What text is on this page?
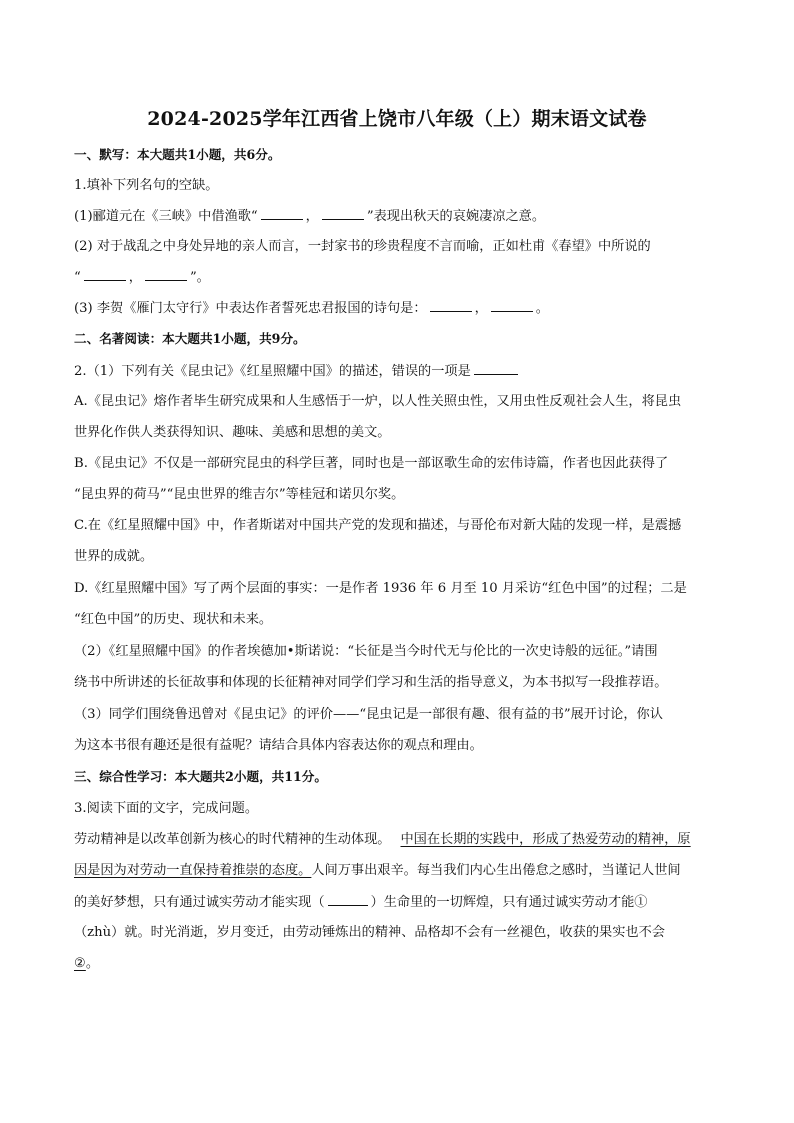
2024-2025学年江西省上饶市八年级（上）期末语文试卷
一、默写：本大题共1小题，共6分。
1.填补下列名句的空缺。
(1)郦道元在《三峡》中借渔歌“	，	”表现出秋天的哀婉凄凉之意。
(2) 对于战乱之中身处异地的亲人而言，一封家书的珍贵程度不言而喻，正如杜甫《春望》中所说的
“	，	”。
(3) 李贺《雁门太守行》中表达作者誓死忠君报国的诗句是：	，	。
二、名著阅读：本大题共1小题，共9分。
2.（1）下列有关《昆虫记》《红星照耀中国》的描述，错误的一项是
A.《昆虫记》熔作者毕生研究成果和人生感悟于一炉，以人性关照虫性，又用虫性反观社会人生，将昆虫
世界化作供人类获得知识、趣味、美感和思想的美文。
B.《昆虫记》不仅是一部研究昆虫的科学巨著，同时也是一部讴歌生命的宏伟诗篇，作者也因此获得了
“昆虫界的荷马”“昆虫世界的维吉尔”等桂冠和诺贝尔奖。
C.在《红星照耀中国》中，作者斯诺对中国共产党的发现和描述，与哥伦布对新大陆的发现一样，是震撼
世界的成就。
D.《红星照耀中国》写了两个层面的事实：一是作者 1936 年 6 月至 10 月采访“红色中国”的过程；二是
“红色中国”的历史、现状和未来。
（2）《红星照耀中国》的作者埃德加•斯诺说：“长征是当今时代无与伦比的一次史诗般的远征。”请围
绕书中所讲述的长征故事和体现的长征精神对同学们学习和生活的指导意义，为本书拟写一段推荐语。
（3）同学们围绕鲁迅曾对《昆虫记》的评价——“昆虫记是一部很有趣、很有益的书”展开讨论，你认
为这本书很有趣还是很有益呢？请结合具体内容表达你的观点和理由。
三、综合性学习：本大题共2小题，共11分。
3.阅读下面的文字，完成问题。
劳动精神是以改革创新为核心的时代精神的生动体现。 中国在长期的实践中，形成了热爱劳动的精神，原
因是因为对劳动一直保持着推崇的态度。人间万事出艰辛。每当我们内心生出倦怠之感时，当谨记人世间
的美好梦想，只有通过诚实劳动才能实现（	）生命里的一切辉煌，只有通过诚实劳动才能①
（zhù）就。时光消逝，岁月变迁，由劳动锤炼出的精神、品格却不会有一丝褪色，收获的果实也不会
②。
